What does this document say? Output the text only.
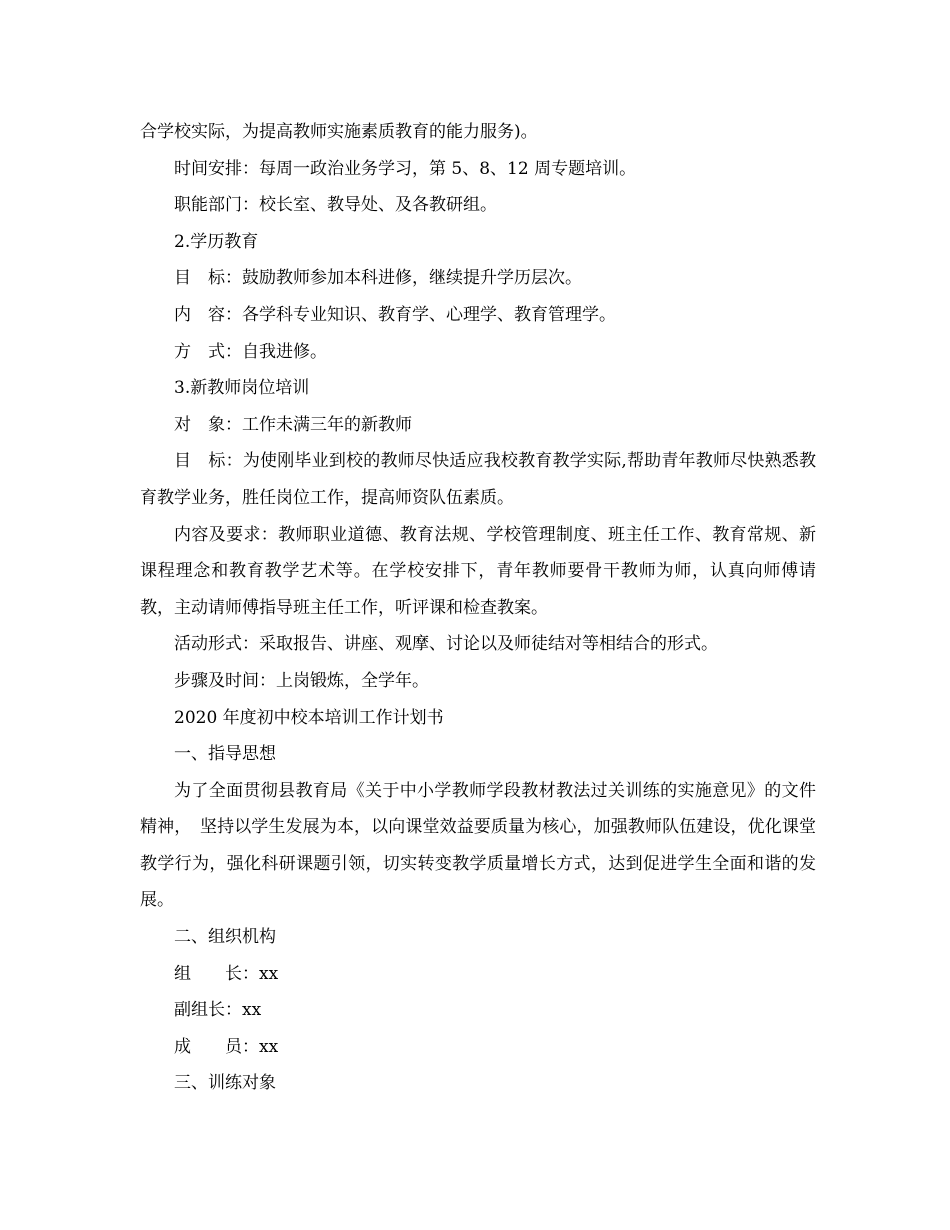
合学校实际，为提高教师实施素质教育的能力服务)。

时间安排：每周一政治业务学习，第 5、8、12 周专题培训。

职能部门：校长室、教导处、及各教研组。

2.学历教育

目　标：鼓励教师参加本科进修，继续提升学历层次。

内　容：各学科专业知识、教育学、心理学、教育管理学。

方　式：自我进修。

3.新教师岗位培训

对　象：工作未满三年的新教师

目　标：为使刚毕业到校的教师尽快适应我校教育教学实际,帮助青年教师尽快熟悉教育教学业务，胜任岗位工作，提高师资队伍素质。

内容及要求：教师职业道德、教育法规、学校管理制度、班主任工作、教育常规、新课程理念和教育教学艺术等。在学校安排下，青年教师要骨干教师为师，认真向师傅请教，主动请师傅指导班主任工作，听评课和检查教案。

活动形式：采取报告、讲座、观摩、讨论以及师徒结对等相结合的形式。

步骤及时间：上岗锻炼，全学年。

2020 年度初中校本培训工作计划书

一、指导思想

为了全面贯彻县教育局《关于中小学教师学段教材教法过关训练的实施意见》的文件精神，　坚持以学生发展为本，以向课堂效益要质量为核心，加强教师队伍建设，优化课堂教学行为，强化科研课题引领，切实转变教学质量增长方式，达到促进学生全面和谐的发展。

二、组织机构

组　　长：xx

副组长：xx

成　　员：xx

三、训练对象
